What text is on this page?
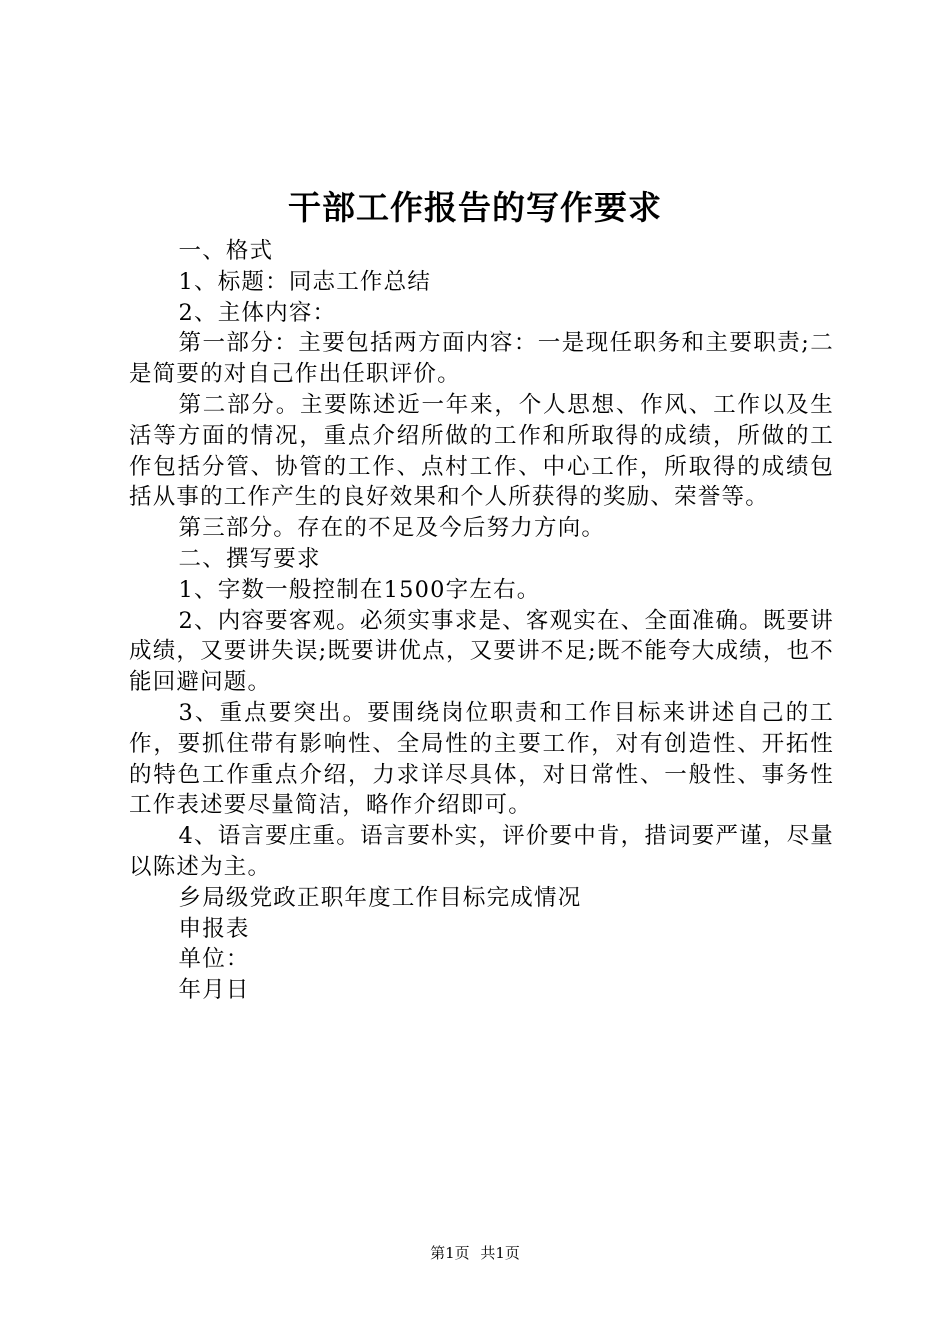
干部工作报告的写作要求

一、格式

1、标题：同志工作总结

2、主体内容：

第一部分：主要包括两方面内容：一是现任职务和主要职责;二是简要的对自己作出任职评价。

第二部分。主要陈述近一年来，个人思想、作风、工作以及生活等方面的情况，重点介绍所做的工作和所取得的成绩，所做的工作包括分管、协管的工作、点村工作、中心工作，所取得的成绩包括从事的工作产生的良好效果和个人所获得的奖励、荣誉等。

第三部分。存在的不足及今后努力方向。

二、撰写要求

1、字数一般控制在1500字左右。

2、内容要客观。必须实事求是、客观实在、全面准确。既要讲成绩，又要讲失误;既要讲优点，又要讲不足;既不能夸大成绩，也不能回避问题。

3、重点要突出。要围绕岗位职责和工作目标来讲述自己的工作，要抓住带有影响性、全局性的主要工作，对有创造性、开拓性的特色工作重点介绍，力求详尽具体，对日常性、一般性、事务性工作表述要尽量简洁，略作介绍即可。

4、语言要庄重。语言要朴实，评价要中肯，措词要严谨，尽量以陈述为主。

乡局级党政正职年度工作目标完成情况

申报表

单位：

年月日

第1页 共1页
